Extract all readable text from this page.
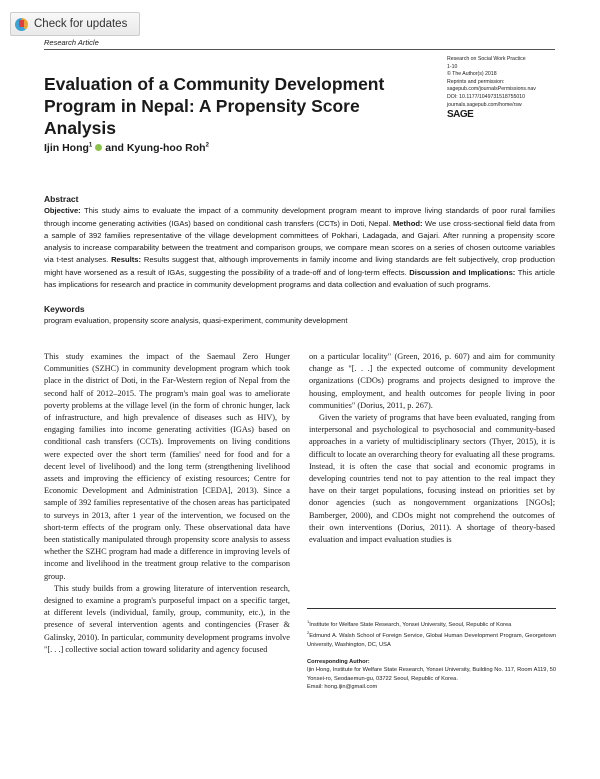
Check for updates
Research Article
Evaluation of a Community Development Program in Nepal: A Propensity Score Analysis
Research on Social Work Practice
1-10
© The Author(s) 2018
Reprints and permission:
sagepub.com/journalsPermissions.nav
DOI: 10.1177/1049731518755010
journals.sagepub.com/home/rsw
SAGE
Ijin Hong$^1$ and Kyung-hoo Roh$^2$
Abstract
Objective: This study aims to evaluate the impact of a community development program meant to improve living standards of poor rural families through income generating activities (IGAs) based on conditional cash transfers (CCTs) in Doti, Nepal. Method: We use cross-sectional field data from a sample of 392 families representative of the village development committees of Pokhari, Ladagada, and Gajari. After running a propensity score analysis to increase comparability between the treatment and comparison groups, we compare mean scores on a series of chosen outcome variables via t-test analyses. Results: Results suggest that, although improvements in family income and living standards are felt subjectively, crop production might have worsened as a result of IGAs, suggesting the possibility of a trade-off and of long-term effects. Discussion and Implications: This article has implications for research and practice in community development programs and data collection and evaluation of such programs.
Keywords
program evaluation, propensity score analysis, quasi-experiment, community development

This study examines the impact of the Saemaul Zero Hunger Communities (SZHC) in community development program which took place in the district of Doti, in the Far-Western region of Nepal from the second half of 2012–2015. The program's main goal was to ameliorate poverty problems at the village level (in the form of chronic hunger, lack of infrastructure, and high prevalence of diseases such as HIV), by engaging families into income generating activities (IGAs) based on conditional cash transfers (CCTs). Improvements on living conditions were expected over the short term (families' need for food and for a decent level of livelihood) and the long term (strengthening livelihood assets and improving the efficiency of existing resources; Centre for Economic Development and Administration [CEDA], 2013). Since a sample of 392 families representative of the chosen areas has participated to surveys in 2013, after 1 year of the intervention, we focused on the short-term effects of the program only. These observational data have been statistically manipulated through propensity score analysis to assess whether the SZHC program had made a difference in improving levels of income and livelihood in the treatment group relative to the comparison group.

This study builds from a growing literature of intervention research, designed to examine a program's purposeful impact on a specific target, at different levels (individual, family, group, community, etc.), in the presence of several intervention agents and contingencies (Fraser & Galinsky, 2010). In particular, community development programs involve "[. . .] collective social action toward solidarity and agency focused

on a particular locality" (Green, 2016, p. 607) and aim for community change as "[. . .] the expected outcome of community development organizations (CDOs) programs and projects designed to improve the housing, employment, and health outcomes for people living in poor communities" (Dorius, 2011, p. 267).

Given the variety of programs that have been evaluated, ranging from interpersonal and psychological to psychosocial and community-based approaches in a variety of multidisciplinary sectors (Thyer, 2015), it is difficult to locate an overarching theory for evaluating all these programs. Instead, it is often the case that social and economic programs in developing countries tend not to pay attention to the real impact they have on their target populations, focusing instead on priorities set by donor agencies (such as nongovernment organizations [NGOs]; Bamberger, 2000), and CDOs might not comprehend the outcomes of their own interventions (Dorius, 2011). A shortage of theory-based evaluation and impact evaluation studies is

$^1$Institute for Welfare State Research, Yonsei University, Seoul, Republic of Korea
$^2$Edmund A. Walsh School of Foreign Service, Global Human Development Program, Georgetown University, Washington, DC, USA
Corresponding Author:
Ijin Hong, Institute for Welfare State Research, Yonsei University, Building No. 117, Room A119, 50 Yonsei-ro, Seodaemun-gu, 03722 Seoul, Republic of Korea.
Email: hong.ijin@gmail.com
